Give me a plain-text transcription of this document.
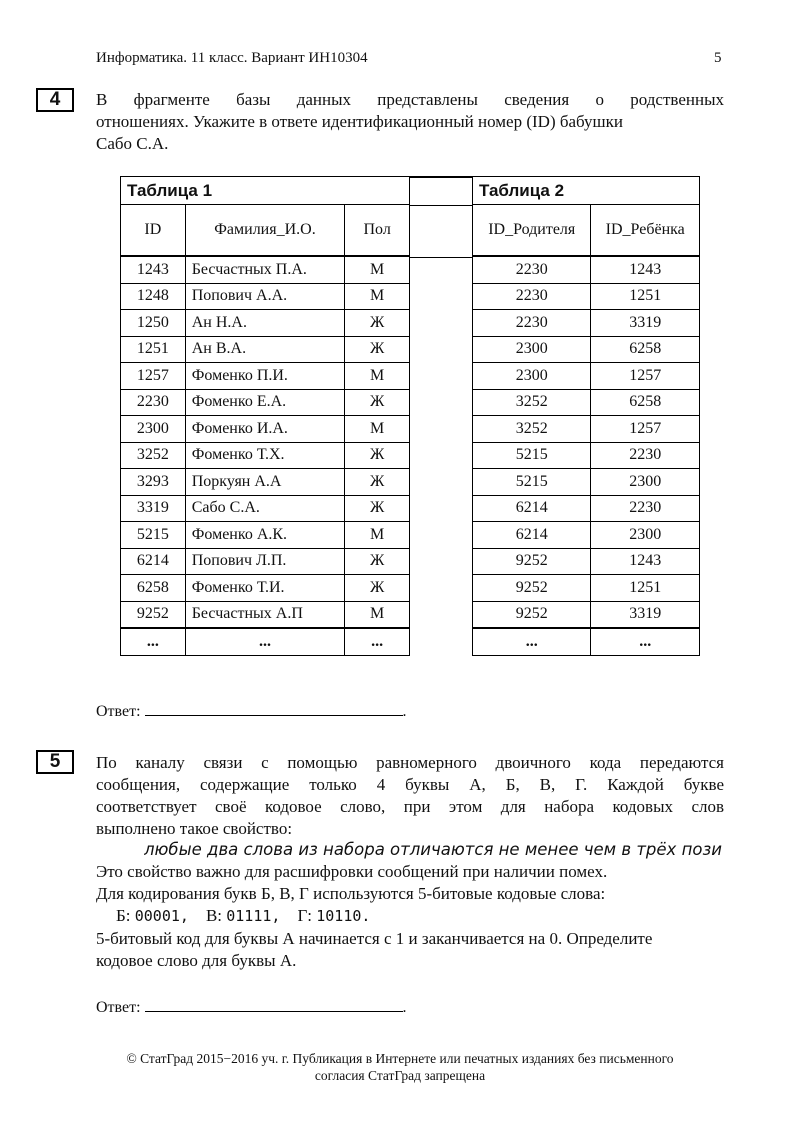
Информатика. 11 класс. Вариант ИН10304	5
4	В фрагменте базы данных представлены сведения о родственных
отношениях. Укажите в ответе идентификационный номер (ID) бабушки
Сабо С.А.
Таблица 1		
ID	Фамилия_И.О.	Пол
1243	Бесчастных П.А.	М
1248	Попович А.А.	М
1250	Ан Н.А.	Ж
1251	Ан В.А.	Ж
1257	Фоменко П.И.	М
2230	Фоменко Е.А.	Ж
2300	Фоменко И.А.	М
3252	Фоменко Т.Х.	Ж
3293	Поркуян А.А	Ж
3319	Сабо С.А.	Ж
5215	Фоменко А.К.	М
6214	Попович Л.П.	Ж
6258	Фоменко Т.И.	Ж
9252	Бесчастных А.П	М
...	...	...
Таблица 2	
ID_Родителя	ID_Ребёнка
2230	1243
2230	1251
2230	3319
2300	6258
2300	1257
3252	6258
3252	1257
5215	2230
5215	2300
6214	2230
6214	2300
9252	1243
9252	1251
9252	3319
...	...
Ответ:	.
5	По каналу связи с помощью равномерного двоичного кода передаются
сообщения, содержащие только 4 буквы А, Б, В, Г. Каждой букве
соответствует своё кодовое слово, при этом для набора кодовых слов
выполнено такое свойство:
любые два слова из набора отличаются не менее чем в трёх пози
Это свойство важно для расшифровки сообщений при наличии помех.
Для кодирования букв Б, В, Г используются 5-битовые кодовые слова:
Б: 00001, В: 01111, Г: 10110.
5-битовый код для буквы А начинается с 1 и заканчивается на 0. Определите
кодовое слово для буквы А.
Ответ:	.
© СтатГрад 2015−2016 уч. г. Публикация в Интернете или печатных изданиях без письменного
согласия СтатГрад запрещена
